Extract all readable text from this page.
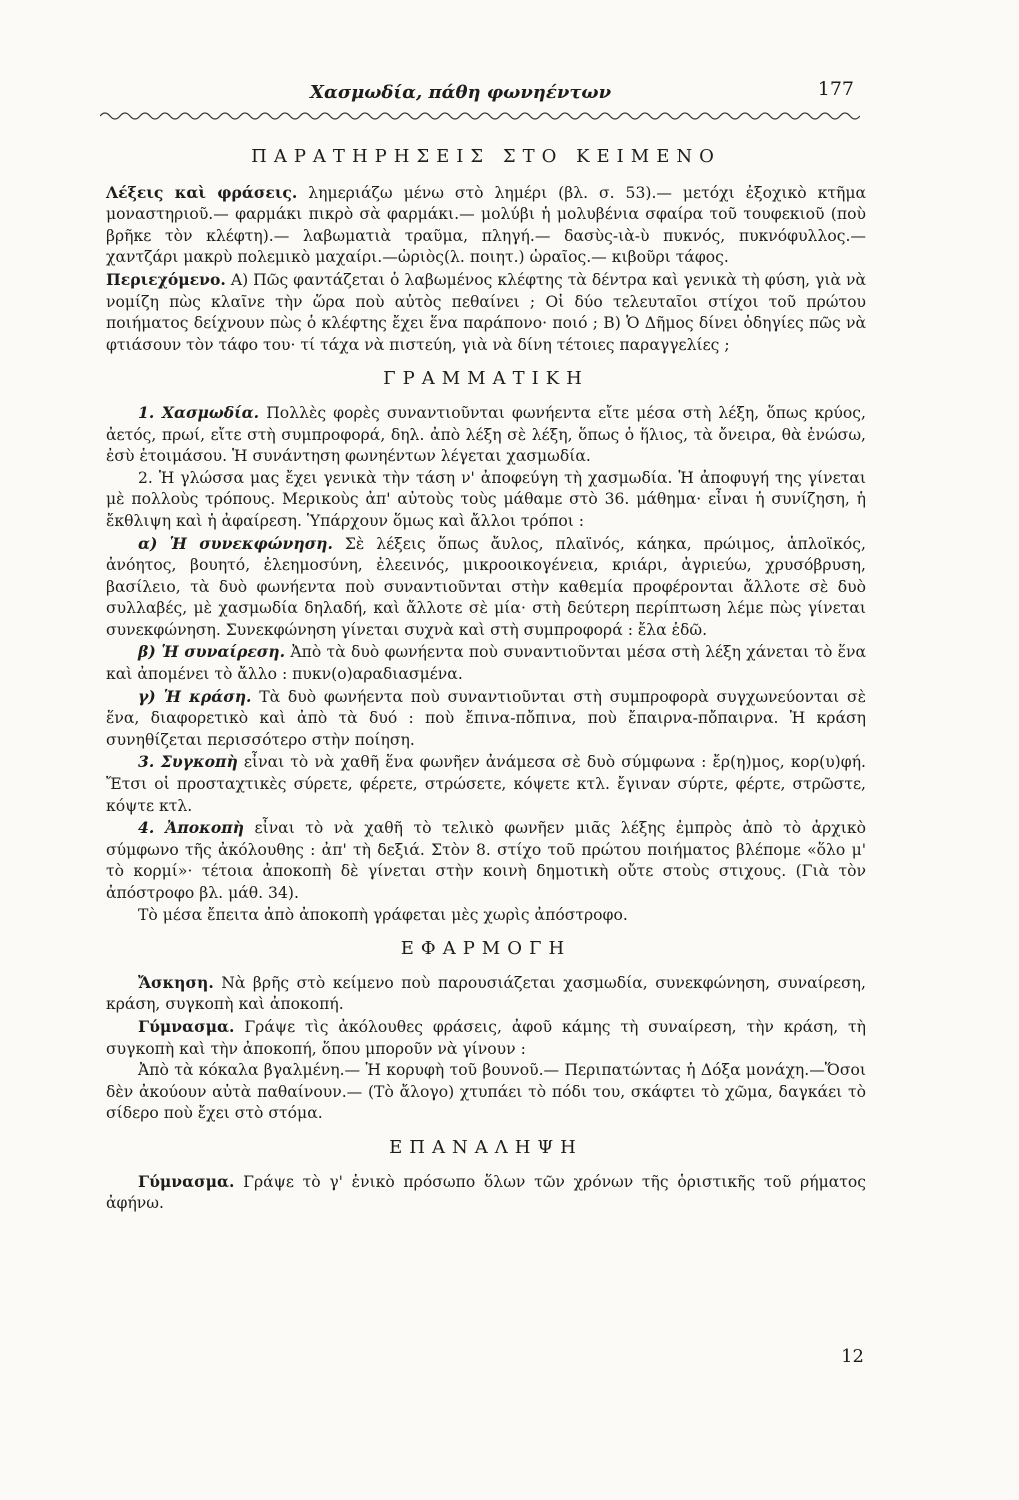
Χασμωδία, πάθη φωνηέντων	177
ΠΑΡΑΤΗΡΗΣΕΙΣ ΣΤΟ ΚΕΙΜΕΝΟ

Λέξεις καὶ φράσεις. λημεριάζω μένω στὸ λημέρι (βλ. σ. 53).— μετόχι ἐξοχικὸ κτῆμα μοναστηριοῦ.— φαρμάκι πικρὸ σὰ φαρμάκι.— μολύβι ἡ μολυβένια σφαίρα τοῦ τουφεκιοῦ (ποὺ βρῆκε τὸν κλέφτη).— λαβωματιὰ τραῦμα, πληγή.— δασὺς-ιὰ-ὺ πυκνός, πυκνόφυλλος.—χαντζάρι μακρὺ πολεμικὸ μαχαίρι.—ὡριὸς(λ. ποιητ.) ὡραῖος.— κιβοῦρι τάφος.

Περιεχόμενο. Α) Πῶς φαντάζεται ὁ λαβωμένος κλέφτης τὰ δέντρα καὶ γενικὰ τὴ φύση, γιὰ νὰ νομίζη πὼς κλαῖνε τὴν ὥρα ποὺ αὐτὸς πεθαίνει ; Οἱ δύο τελευταῖοι στίχοι τοῦ πρώτου ποιήματος δείχνουν πὼς ὁ κλέφτης ἔχει ἕνα παράπονο· ποιό ; Β) Ὁ Δῆμος δίνει ὁδηγίες πῶς νὰ φτιάσουν τὸν τάφο του· τί τάχα νὰ πιστεύη, γιὰ νὰ δίνη τέτοιες παραγγελίες ;

ΓΡΑΜΜΑΤΙΚΗ

1. Χασμωδία. Πολλὲς φορὲς συναντιοῦνται φωνήεντα εἴτε μέσα στὴ λέξη, ὅπως κρύος, ἀετός, πρωί, εἴτε στὴ συμπροφορά, δηλ. ἀπὸ λέξη σὲ λέξη, ὅπως ὁ ἥλιος, τὰ ὄνειρα, θὰ ἑνώσω, ἐσὺ ἑτοιμάσου. Ἡ συνάντηση φωνηέντων λέγεται χασμωδία.

2. Ἡ γλώσσα μας ἔχει γενικὰ τὴν τάση ν' ἀποφεύγη τὴ χασμωδία. Ἡ ἀποφυγή της γίνεται μὲ πολλοὺς τρόπους. Μερικοὺς ἀπ' αὐτοὺς τοὺς μάθαμε στὸ 36. μάθημα· εἶναι ἡ συνίζηση, ἡ ἔκθλιψη καὶ ἡ ἀφαίρεση. Ὑπάρχουν ὅμως καὶ ἄλλοι τρόποι :

α) Ἡ συνεκφώνηση. Σὲ λέξεις ὅπως ἄυλος, πλαϊνός, κάηκα, πρώιμος, ἁπλοϊκός, ἀνόητος, βουητό, ἐλεημοσύνη, ἐλεεινός, μικροοικογένεια, κριάρι, ἀγριεύω, χρυσόβρυση, βασίλειο, τὰ δυὸ φωνήεντα ποὺ συναντιοῦνται στὴν καθεμία προφέρονται ἄλλοτε σὲ δυὸ συλλαβές, μὲ χασμωδία δηλαδή, καὶ ἄλλοτε σὲ μία· στὴ δεύτερη περίπτωση λέμε πὼς γίνεται συνεκφώνηση. Συνεκφώνηση γίνεται συχνὰ καὶ στὴ συμπροφορά : ἔλα ἐδῶ.

β) Ἡ συναίρεση. Ἀπὸ τὰ δυὸ φωνήεντα ποὺ συναντιοῦνται μέσα στὴ λέξη χάνεται τὸ ἕνα καὶ ἀπομένει τὸ ἄλλο : πυκν(ο)αραδιασμένα.

γ) Ἡ κράση. Τὰ δυὸ φωνήεντα ποὺ συναντιοῦνται στὴ συμπροφορὰ συγχωνεύονται σὲ ἕνα, διαφορετικὸ καὶ ἀπὸ τὰ δυό : ποὺ ἔπινα-πὄπινα, ποὺ ἔπαιρνα-πὄπαιρνα. Ἡ κράση συνηθίζεται περισσότερο στὴν ποίηση.

3. Συγκοπὴ εἶναι τὸ νὰ χαθῆ ἕνα φωνῆεν ἀνάμεσα σὲ δυὸ σύμφωνα : ἔρ(η)μος, κορ(υ)φή. Ἔτσι οἱ προσταχτικὲς σύρετε, φέρετε, στρώσετε, κόψετε κτλ. ἔγιναν σύρτε, φέρτε, στρῶστε, κόψτε κτλ.

4. Ἀποκοπὴ εἶναι τὸ νὰ χαθῆ τὸ τελικὸ φωνῆεν μιᾶς λέξης ἐμπρὸς ἀπὸ τὸ ἀρχικὸ σύμφωνο τῆς ἀκόλουθης : ἀπ' τὴ δεξιά. Στὸν 8. στίχο τοῦ πρώτου ποιήματος βλέπομε «ὅλο μ' τὸ κορμί»· τέτοια ἀποκοπὴ δὲ γίνεται στὴν κοινὴ δημοτικὴ οὔτε στοὺς στιχους. (Γιὰ τὸν ἀπόστροφο βλ. μάθ. 34).

Τὸ μέσα ἔπειτα ἀπὸ ἀποκοπὴ γράφεται μὲς χωρὶς ἀπόστροφο.

ΕΦΑΡΜΟΓΗ

Ἄσκηση. Νὰ βρῆς στὸ κείμενο ποὺ παρουσιάζεται χασμωδία, συνεκφώνηση, συναίρεση, κράση, συγκοπὴ καὶ ἀποκοπή.

Γύμνασμα. Γράψε τὶς ἀκόλουθες φράσεις, ἀφοῦ κάμης τὴ συναίρεση, τὴν κράση, τὴ συγκοπὴ καὶ τὴν ἀποκοπή, ὅπου μποροῦν νὰ γίνουν :

Ἀπὸ τὰ κόκαλα βγαλμένη.— Ἡ κορυφὴ τοῦ βουνοῦ.— Περιπατώντας ἡ Δόξα μονάχη.—Ὅσοι δὲν ἀκούουν αὐτὰ παθαίνουν.— (Τὸ ἄλογο) χτυπάει τὸ πόδι του, σκάφτει τὸ χῶμα, δαγκάει τὸ σίδερο ποὺ ἔχει στὸ στόμα.

ΕΠΑΝΑΛΗΨΗ

Γύμνασμα. Γράψε τὸ γ' ἑνικὸ πρόσωπο ὅλων τῶν χρόνων τῆς ὁριστικῆς τοῦ ρήματος ἀφήνω.

12
